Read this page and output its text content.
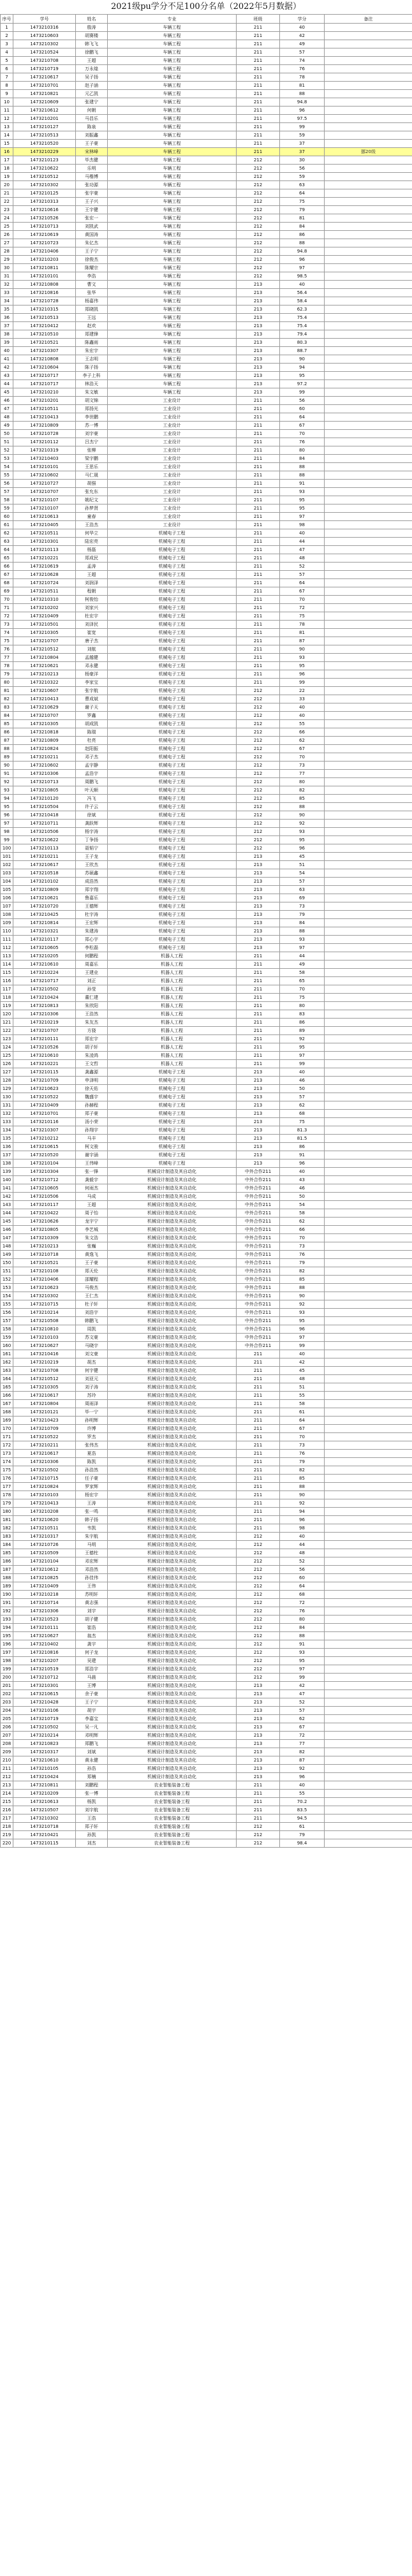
2021级pu学分不足100分名单（2022年5月数据）
序号	学号	姓名	专业	班级	学分	备注
1	1473210316	殷涛	车辆工程	211	40	
2	1473210603	胡赛楼	车辆工程	211	42	
3	1473210302	韩飞飞	车辆工程	211	49	
4	1473210524	徐鹏飞	车辆工程	211	57	
5	1473210708	王超	车辆工程	211	74	
6	1473210719	万永煌	车辆工程	211	76	
7	1473210617	吴子扬	车辆工程	211	78	
8	1473210701	赵子涵	车辆工程	211	81	
9	1473210821	元乙凯	车辆工程	211	88	
10	1473210609	张建宁	车辆工程	211	94.8	
11	1473210612	何朝	车辆工程	211	96	
12	1473210201	马昌乐	车辆工程	211	97.5	
13	1473210127	陈泉	车辆工程	211	99	
14	1473210513	刘振鑫	车辆工程	211	59	
15	1473210520	王子豪	车辆工程	211	37	
16	1473210229	宋林峰	车辆工程	211	37	挪20级
17	1473210123	毕杰健	车辆工程	212	30	
18	1473210622	乐明	车辆工程	212	56	
19	1473210512	马楷博	车辆工程	212	59	
20	1473210302	张功源	车辆工程	212	63	
21	1473210125	张宇豪	车辆工程	212	64	
22	1473210313	王子兴	车辆工程	212	75	
23	1473210616	王宇健	车辆工程	212	79	
24	1473210526	张宏一	车辆工程	212	81	
25	1473210713	刘凯武	车辆工程	212	84	
26	1473210619	黄国涛	车辆工程	212	86	
27	1473210723	朱亿杰	车辆工程	212	88	
28	1473210406	王子宁	车辆工程	212	94.8	
29	1473210203	徐俊杰	车辆工程	212	96	
30	1473210811	陈耀宗	车辆工程	212	97	
31	1473210101	李浩	车辆工程	212	98.5	
32	1473210808	曹文	车辆工程	213	40	
33	1473210816	张华	车辆工程	213	56.4	
34	1473210728	杨嘉伟	车辆工程	213	58.4	
35	1473210315	郑晓凯	车辆工程	213	62.3	
36	1473210513	王远	车辆工程	213	75.4	
37	1473210412	赵欢	车辆工程	213	75.4	
38	1473210510	郑建锋	车辆工程	213	79.4	
39	1473210521	陈鑫雨	车辆工程	213	80.3	
40	1473210307	朱宏宇	车辆工程	213	88.7	
41	1473210808	王志明	车辆工程	213	90	
42	1473210604	陈子扬	车辆工程	213	94	
43	1473210717	李子上科	车辆工程	213	95	
44	1473210717	林浩天	车辆工程	213	97.2	
45	1473210210	朱文敏	车辆工程	213	99	
46	1473210201	胡文锦	工业设计	211	56	
47	1473210511	郑扬光	工业设计	211	60	
48	1473210413	李世鹏	工业设计	211	64	
49	1473210809	苏一博	工业设计	211	67	
50	1473210728	刘宇豪	工业设计	211	70	
51	1473210112	吕杰宁	工业设计	211	76	
52	1473210319	张柳	工业设计	211	80	
53	1473210403	梁宇鹏	工业设计	211	84	
54	1473210101	王思乐	工业设计	211	88	
55	1473210602	马仁晟	工业设计	211	88	
56	1473210727	胡强	工业设计	211	91	
57	1473210707	张允东	工业设计	211	93	
58	1473210107	姚纪文	工业设计	211	95	
59	1473210107	孙梦贤	工业设计	211	95	
60	1473210613	童春	工业设计	211	97	
61	1473210405	王浩杰	工业设计	211	98	
62	1473210511	何华立	机械电子工程	211	40	
63	1473210301	陆宏亮	机械电子工程	211	44	
64	1473210113	杨磊	机械电子工程	211	47	
65	1473210221	郑成民	机械电子工程	211	48	
66	1473210619	孟涛	机械电子工程	211	52	
67	1473210628	王超	机械电子工程	211	57	
68	1473210724	刘润泽	机械电子工程	211	64	
69	1473210511	程朝	机械电子工程	211	67	
70	1473210310	柯俊怡	机械电子工程	211	70	
71	1473210202	刘家兴	机械电子工程	211	72	
72	1473210409	杜宏宇	机械电子工程	211	75	
73	1473210501	刘泽民	机械电子工程	211	78	
74	1473210305	崔宽	机械电子工程	211	81	
75	1473210707	唐子杰	机械电子工程	211	87	
76	1473210512	刘航	机械电子工程	211	90	
77	1473210804	孟越健	机械电子工程	211	93	
78	1473210621	邓永健	机械电子工程	211	95	
79	1473210213	杨豪洋	机械电子工程	211	96	
80	1473210322	李家宝	机械电子工程	211	99	
81	1473210607	张宇航	机械电子工程	212	22	
82	1473210413	曹成斌	机械电子工程	212	33	
83	1473210629	谢子天	机械电子工程	212	40	
84	1473210707	罗鑫	机械电子工程	212	40	
85	1473210305	胡成凯	机械电子工程	212	55	
86	1473210818	陈瑞	机械电子工程	212	66	
87	1473210809	杜亮	机械电子工程	212	62	
88	1473210824	赵阳振	机械电子工程	212	67	
89	1473210211	邓子杰	机械电子工程	212	70	
90	1473210602	孟宇静	机械电子工程	212	73	
91	1473210306	孟浩宇	机械电子工程	212	77	
92	1473210713	周鹏飞	机械电子工程	212	80	
93	1473210805	叶天顺	机械电子工程	212	82	
94	1473210120	冯飞	机械电子工程	212	85	
95	1473210504	许子云	机械电子工程	212	88	
96	1473210418	徐斌	机械电子工程	212	90	
97	1473210711	龚跃辉	机械电子工程	212	92	
98	1473210506	杨宇涛	机械电子工程	212	93	
99	1473210622	丁争扬	机械电子工程	212	95	
100	1473210113	聂韬宁	机械电子工程	212	96	
101	1473210211	王子龙	机械电子工程	213	45	
102	1473210617	王欣杰	机械电子工程	213	51	
103	1473210518	苏硕鑫	机械电子工程	213	54	
104	1473210102	成浩然	机械电子工程	213	57	
105	1473210809	郑宇翔	机械电子工程	213	63	
106	1473210621	鲁嘉乐	机械电子工程	213	69	
107	1473210720	王德辉	机械电子工程	213	73	
108	1473210425	杜宇涛	机械电子工程	213	79	
109	1473210814	王宏辉	机械电子工程	213	84	
110	1473210321	朱建涛	机械电子工程	213	88	
111	1473210117	郑心宇	机械电子工程	213	93	
112	1473210605	李松磊	机械电子工程	213	97	
113	1473210205	何鹏程	机器人工程	211	44	
114	1473210610	周嘉乐	机器人工程	211	49	
115	1473210224	王建业	机器人工程	211	58	
116	1473210717	刘正	机器人工程	211	65	
117	1473210502	孙莹	机器人工程	211	70	
118	1473210424	董仁建	机器人工程	211	75	
119	1473210813	朱欣阳	机器人工程	211	80	
120	1473210306	王浩然	机器人工程	211	83	
121	1473210219	朱友杰	机器人工程	211	86	
122	1473210707	方骁	机器人工程	211	89	
123	1473210111	郑宏宇	机器人工程	211	92	
124	1473210526	胡子轩	机器人工程	211	95	
125	1473210610	朱凌鸿	机器人工程	211	97	
126	1473210221	王文哲	机器人工程	211	99	
127	1473210115	龚鑫源	机械电子工程	213	40	
128	1473210709	申泽明	机械电子工程	213	46	
129	1473210623	徐天佑	机械电子工程	213	50	
130	1473210522	魏盛宇	机械电子工程	213	57	
131	1473210409	孙赫程	机械电子工程	213	62	
132	1473210701	郑子豪	机械电子工程	213	68	
133	1473210116	汤小荣	机械电子工程	213	75	
134	1473210307	孙翔宇	机械电子工程	213	81.3	
135	1473210212	马丰	机械电子工程	213	81.5	
136	1473210615	柯文骏	机械电子工程	213	86	
137	1473210520	谢宇涵	机械电子工程	213	91	
138	1473210104	王伟峰	机械电子工程	213	96	
139	1473210304	张一锋	机械设计制造及其自动化	中外合作211	40	
140	1473210712	龚毅宇	机械设计制造及其自动化	中外合作211	43	
141	1473210605	何雨杰	机械设计制造及其自动化	中外合作211	46	
142	1473210506	马成	机械设计制造及其自动化	中外合作211	50	
143	1473210117	王超	机械设计制造及其自动化	中外合作211	54	
144	1473210422	周子怡	机械设计制造及其自动化	中外合作211	58	
145	1473210626	龙宇宁	机械设计制造及其自动化	中外合作211	62	
146	1473210805	李艺城	机械设计制造及其自动化	中外合作211	66	
147	1473210309	朱文浩	机械设计制造及其自动化	中外合作211	70	
148	1473210213	张巍	机械设计制造及其自动化	中外合作211	73	
149	1473210718	黄逸飞	机械设计制造及其自动化	中外合作211	76	
150	1473210521	王子豪	机械设计制造及其自动化	中外合作211	79	
151	1473210108	郑天伦	机械设计制造及其自动化	中外合作211	82	
152	1473210406	邵耀程	机械设计制造及其自动化	中外合作211	85	
153	1473210623	马俊杰	机械设计制造及其自动化	中外合作211	88	
154	1473210302	王仁杰	机械设计制造及其自动化	中外合作211	90	
155	1473210715	杜子轩	机械设计制造及其自动化	中外合作211	92	
156	1473210214	刘浩宇	机械设计制造及其自动化	中外合作211	93	
157	1473210508	韩鹏飞	机械设计制造及其自动化	中外合作211	95	
158	1473210810	周凯	机械设计制造及其自动化	中外合作211	96	
159	1473210103	苏文豪	机械设计制造及其自动化	中外合作211	97	
160	1473210627	马晓宇	机械设计制造及其自动化	中外合作211	99	
161	1473210416	刘文豪	机械设计制造及其自动化	211	40	
162	1473210219	胡杰	机械设计制造及其自动化	211	42	
163	1473210708	何宇健	机械设计制造及其自动化	211	45	
164	1473210512	刘亚元	机械设计制造及其自动化	211	48	
165	1473210305	刘子涛	机械设计制造及其自动化	211	51	
166	1473210617	苏玲	机械设计制造及其自动化	211	55	
167	1473210804	周雨泽	机械设计制造及其自动化	211	58	
168	1473210121	毕一宁	机械设计制造及其自动化	211	61	
169	1473210423	孙明辉	机械设计制造及其自动化	211	64	
170	1473210709	许博	机械设计制造及其自动化	211	67	
171	1473210522	罗杰	机械设计制造及其自动化	211	70	
172	1473210211	张伟杰	机械设计制造及其自动化	211	73	
173	1473210617	夏浩	机械设计制造及其自动化	211	76	
174	1473210306	陈凯	机械设计制造及其自动化	211	79	
175	1473210502	孙浩然	机械设计制造及其自动化	211	82	
176	1473210715	任子豪	机械设计制造及其自动化	211	85	
177	1473210824	罗家辉	机械设计制造及其自动化	211	88	
178	1473210103	杨宏宇	机械设计制造及其自动化	211	90	
179	1473210413	王涛	机械设计制造及其自动化	211	92	
180	1473210208	张一鸣	机械设计制造及其自动化	211	94	
181	1473210620	韩子扬	机械设计制造及其自动化	211	96	
182	1473210511	韦凯	机械设计制造及其自动化	211	98	
183	1473210317	朱宇航	机械设计制造及其自动化	212	40	
184	1473210726	马明	机械设计制造及其自动化	212	44	
185	1473210509	王德柱	机械设计制造及其自动化	212	48	
186	1473210104	邓宏辉	机械设计制造及其自动化	212	52	
187	1473210612	邓浩然	机械设计制造及其自动化	212	56	
188	1473210825	孙佳伟	机械设计制造及其自动化	212	60	
189	1473210409	王伟	机械设计制造及其自动化	212	64	
190	1473210218	苏明轩	机械设计制造及其自动化	212	68	
191	1473210714	黄志强	机械设计制造及其自动化	212	72	
192	1473210306	刘宇	机械设计制造及其自动化	212	76	
193	1473210523	胡子健	机械设计制造及其自动化	212	80	
194	1473210111	崔浩	机械设计制造及其自动化	212	84	
195	1473210627	翁杰	机械设计制造及其自动化	212	88	
196	1473210402	龚宇	机械设计制造及其自动化	212	91	
197	1473210816	何子龙	机械设计制造及其自动化	212	93	
198	1473210207	吴建	机械设计制造及其自动化	212	95	
199	1473210519	郑浩宇	机械设计制造及其自动化	212	97	
200	1473210712	马晨	机械设计制造及其自动化	212	99	
201	1473210301	王博	机械设计制造及其自动化	213	42	
202	1473210615	余子豪	机械设计制造及其自动化	213	47	
203	1473210428	王子宁	机械设计制造及其自动化	213	52	
204	1473210106	胡宇	机械设计制造及其自动化	213	57	
205	1473210719	李嘉宝	机械设计制造及其自动化	213	62	
206	1473210502	吴一凡	机械设计制造及其自动化	213	67	
207	1473210214	邓明辉	机械设计制造及其自动化	213	72	
208	1473210823	郑鹏飞	机械设计制造及其自动化	213	77	
209	1473210317	刘斌	机械设计制造及其自动化	213	82	
210	1473210610	黄永健	机械设计制造及其自动化	213	87	
211	1473210105	孙浩	机械设计制造及其自动化	213	92	
212	1473210424	郑楠	机械设计制造及其自动化	213	96	
213	1473210811	刘鹏程	农业智能装备工程	211	40	
214	1473210209	张一博	农业智能装备工程	211	55	
215	1473210613	杨凯	农业智能装备工程	211	70.2	
216	1473210507	刘宇航	农业智能装备工程	211	83.5	
217	1473210302	王浩	农业智能装备工程	211	94.5	
218	1473210718	郑子轩	农业智能装备工程	212	61	
219	1473210421	孙凯	农业智能装备工程	212	79	
220	1473210115	刘杰	农业智能装备工程	212	98.4	
